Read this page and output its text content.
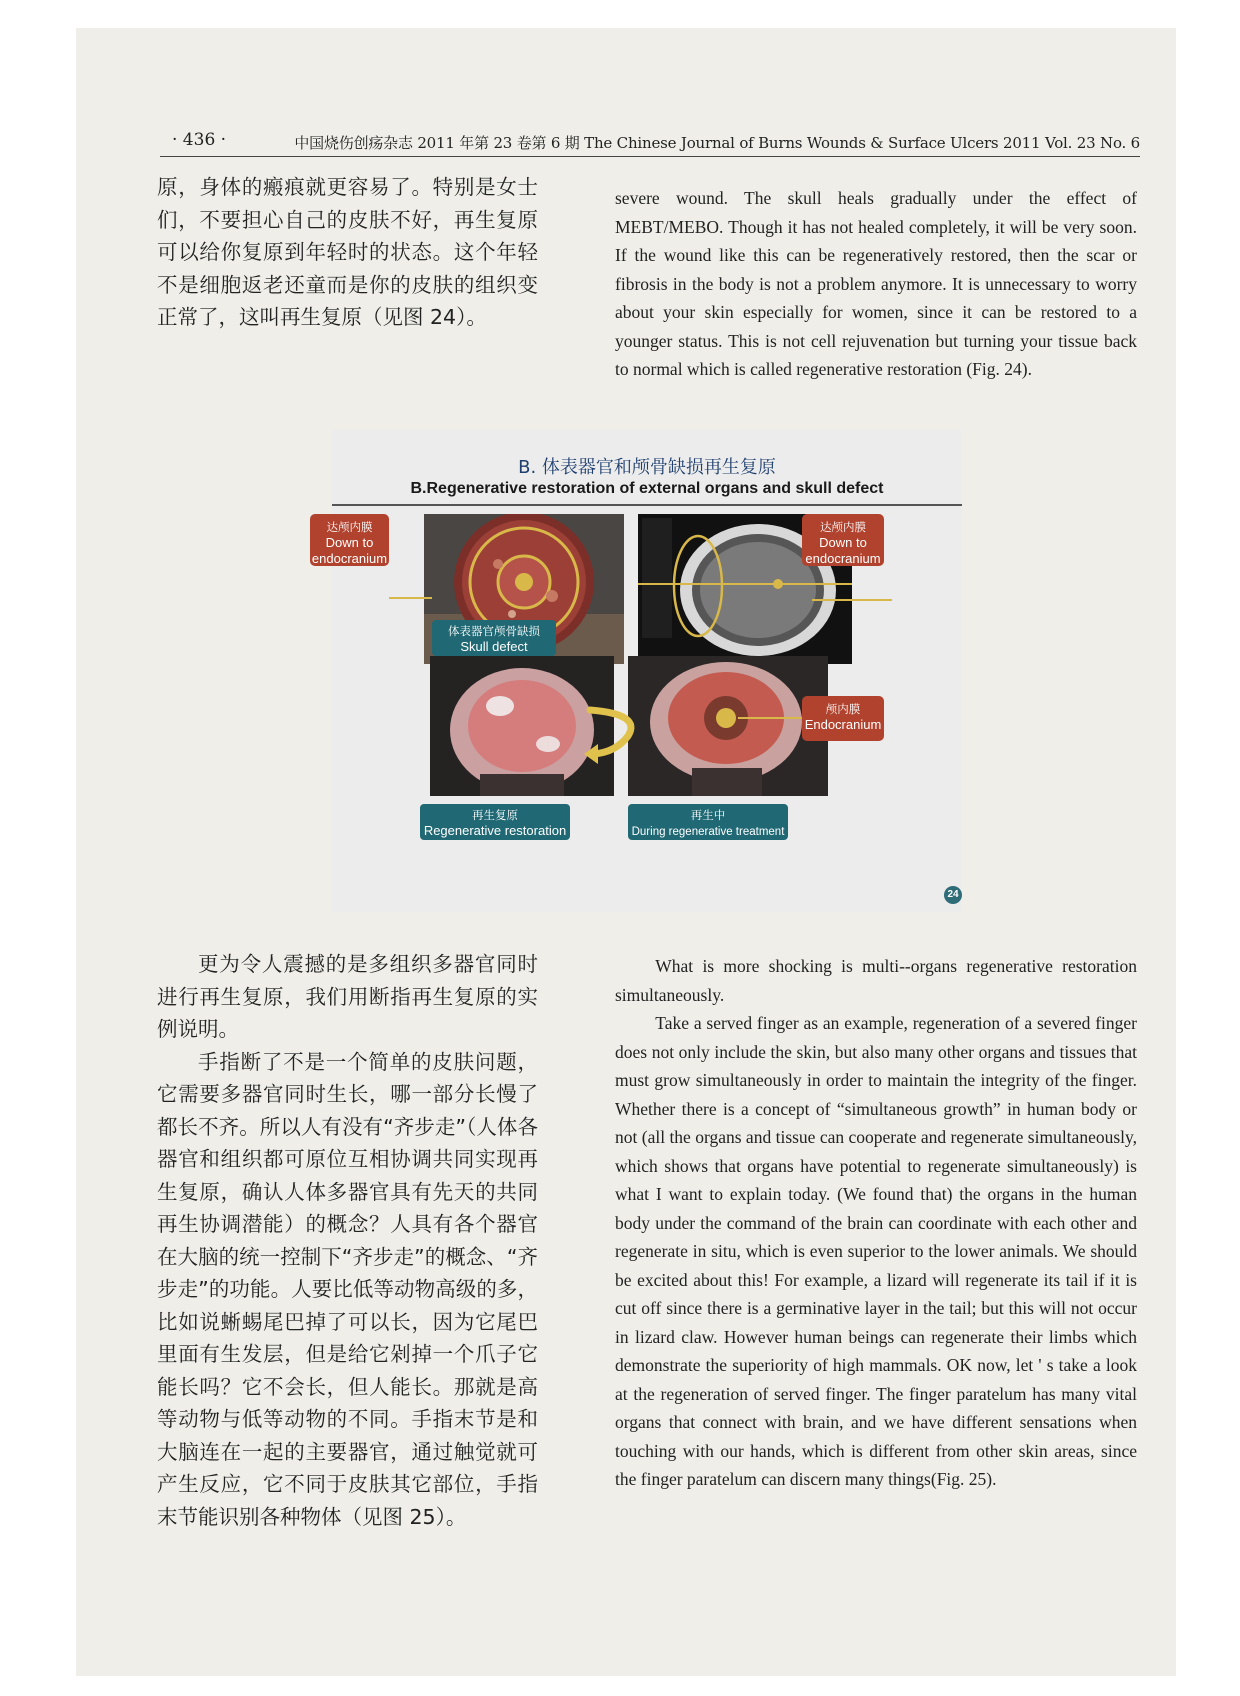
· 436 ·	中国烧伤创疡杂志 2011 年第 23 卷第 6 期 The Chinese Journal of Burns Wounds & Surface Ulcers 2011 Vol. 23 No. 6

原，身体的瘢痕就更容易了。特别是女士们，不要担心自己的皮肤不好，再生复原可以给你复原到年轻时的状态。这个年轻不是细胞返老还童而是你的皮肤的组织变正常了，这叫再生复原（见图 24）。

severe wound. The skull heals gradually under the effect of MEBT/MEBO. Though it has not healed completely, it will be very soon. If the wound like this can be regeneratively restored, then the scar or fibrosis in the body is not a problem anymore. It is unnecessary to worry about your skin especially for women, since it can be restored to a younger status. This is not cell rejuvenation but turning your tissue back to normal which is called regenerative restoration (Fig. 24).

B. 体表器官和颅骨缺损再生复原
B.Regenerative restoration of external organs and skull defect
达颅内膜
Down to
endocranium
达颅内膜
Down to
endocranium
体表器官颅骨缺损
Skull defect
颅内膜
Endocranium
再生复原
Regenerative restoration
再生中
During regenerative treatment
24

更为令人震撼的是多组织多器官同时进行再生复原，我们用断指再生复原的实例说明。

手指断了不是一个简单的皮肤问题，它需要多器官同时生长，哪一部分长慢了都长不齐。所以人有没有“齐步走”（人体各器官和组织都可原位互相协调共同实现再生复原，确认人体多器官具有先天的共同再生协调潜能）的概念？人具有各个器官在大脑的统一控制下“齐步走”的概念、“齐步走”的功能。人要比低等动物高级的多，比如说蜥蜴尾巴掉了可以长，因为它尾巴里面有生发层，但是给它剁掉一个爪子它能长吗？它不会长，但人能长。那就是高等动物与低等动物的不同。手指末节是和大脑连在一起的主要器官，通过触觉就可产生反应，它不同于皮肤其它部位，手指末节能识别各种物体（见图 25）。

What is more shocking is multi--organs regenerative restoration simultaneously.

Take a served finger as an example, regeneration of a severed finger does not only include the skin, but also many other organs and tissues that must grow simultaneously in order to maintain the integrity of the finger. Whether there is a concept of “simultaneous growth” in human body or not (all the organs and tissue can cooperate and regenerate simultaneously, which shows that organs have potential to regenerate simultaneously) is what I want to explain today. (We found that) the organs in the human body under the command of the brain can coordinate with each other and regenerate in situ, which is even superior to the lower animals. We should be excited about this! For example, a lizard will regenerate its tail if it is cut off since there is a germinative layer in the tail; but this will not occur in lizard claw. However human beings can regenerate their limbs which demonstrate the superiority of high mammals. OK now, let ' s take a look at the regeneration of served finger. The finger paratelum has many vital organs that connect with brain, and we have different sensations when touching with our hands, which is different from other skin areas, since the finger paratelum can discern many things(Fig. 25).
